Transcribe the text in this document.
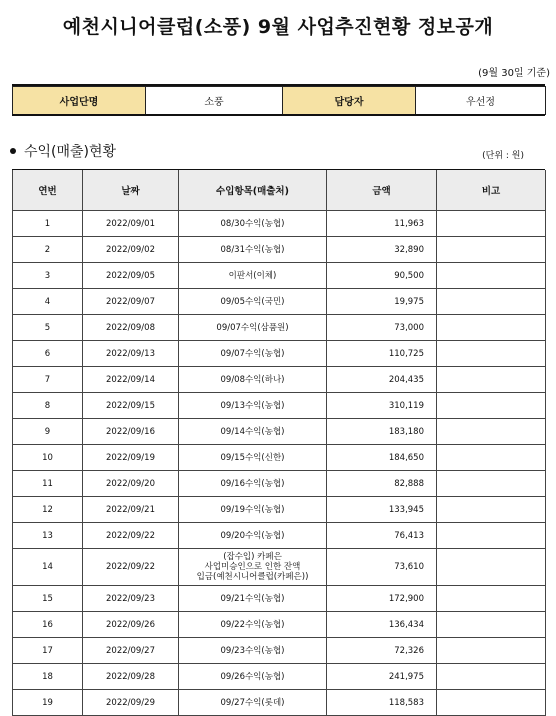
예천시니어클럽(소풍) 9월 사업추진현황 정보공개
(9월 30일 기준)
사업단명	소풍	담당자	우선정
수익(매출)현황	(단위 : 원)
연번	날짜	수입항목(매출처)	금액	비고
1	2022/09/01	08/30수익(농협)	11,963	
2	2022/09/02	08/31수익(농협)	32,890	
3	2022/09/05	이판서(이체)	90,500	
4	2022/09/07	09/05수익(국민)	19,975	
5	2022/09/08	09/07수익(삼품원)	73,000	
6	2022/09/13	09/07수익(농협)	110,725	
7	2022/09/14	09/08수익(하나)	204,435	
8	2022/09/15	09/13수익(농협)	310,119	
9	2022/09/16	09/14수익(농협)	183,180	
10	2022/09/19	09/15수익(신한)	184,650	
11	2022/09/20	09/16수익(농협)	82,888	
12	2022/09/21	09/19수익(농협)	133,945	
13	2022/09/22	09/20수익(농협)	76,413	
14	2022/09/22	(잡수입) 카페은
사업미승인으로 인한 잔액
입금(예천시니어클럽(카페은))	73,610	
15	2022/09/23	09/21수익(농협)	172,900	
16	2022/09/26	09/22수익(농협)	136,434	
17	2022/09/27	09/23수익(농협)	72,326	
18	2022/09/28	09/26수익(농협)	241,975	
19	2022/09/29	09/27수익(롯데)	118,583	
